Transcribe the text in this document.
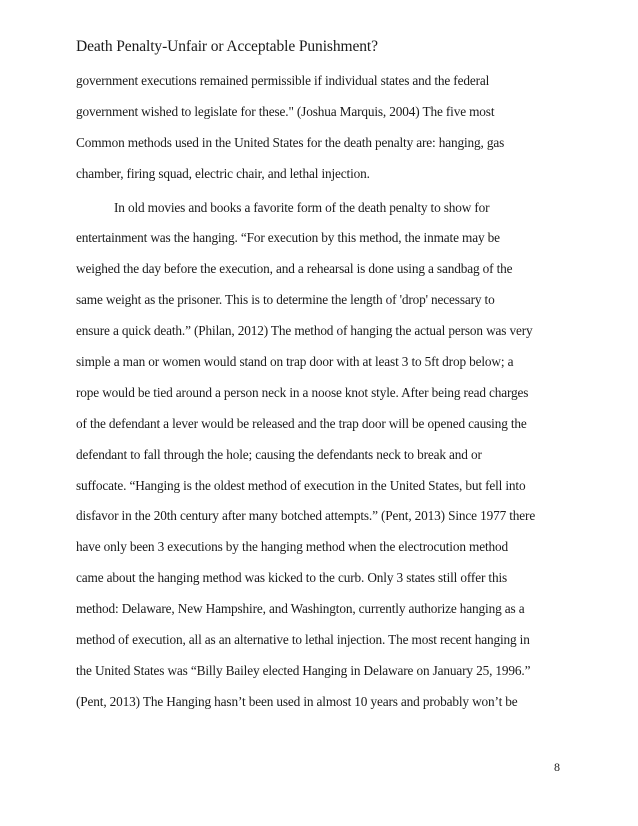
Death Penalty-Unfair or Acceptable Punishment?
government executions remained permissible if individual states and the federal
government wished to legislate for these." (Joshua Marquis, 2004) The five most
Common methods used in the United States for the death penalty are: hanging, gas
chamber, firing squad, electric chair, and lethal injection.
In old movies and books a favorite form of the death penalty to show for
entertainment was the hanging. “For execution by this method, the inmate may be
weighed the day before the execution, and a rehearsal is done using a sandbag of the
same weight as the prisoner. This is to determine the length of 'drop' necessary to
ensure a quick death.” (Philan, 2012) The method of hanging the actual person was very
simple a man or women would stand on trap door with at least 3 to 5ft drop below; a
rope would be tied around a person neck in a noose knot style. After being read charges
of the defendant a lever would be released and the trap door will be opened causing the
defendant to fall through the hole; causing the defendants neck to break and or
suffocate. “Hanging is the oldest method of execution in the United States, but fell into
disfavor in the 20th century after many botched attempts.” (Pent, 2013) Since 1977 there
have only been 3 executions by the hanging method when the electrocution method
came about the hanging method was kicked to the curb. Only 3 states still offer this
method: Delaware, New Hampshire, and Washington, currently authorize hanging as a
method of execution, all as an alternative to lethal injection. The most recent hanging in
the United States was “Billy Bailey elected Hanging in Delaware on January 25, 1996.”
(Pent, 2013) The Hanging hasn’t been used in almost 10 years and probably won’t be
8
